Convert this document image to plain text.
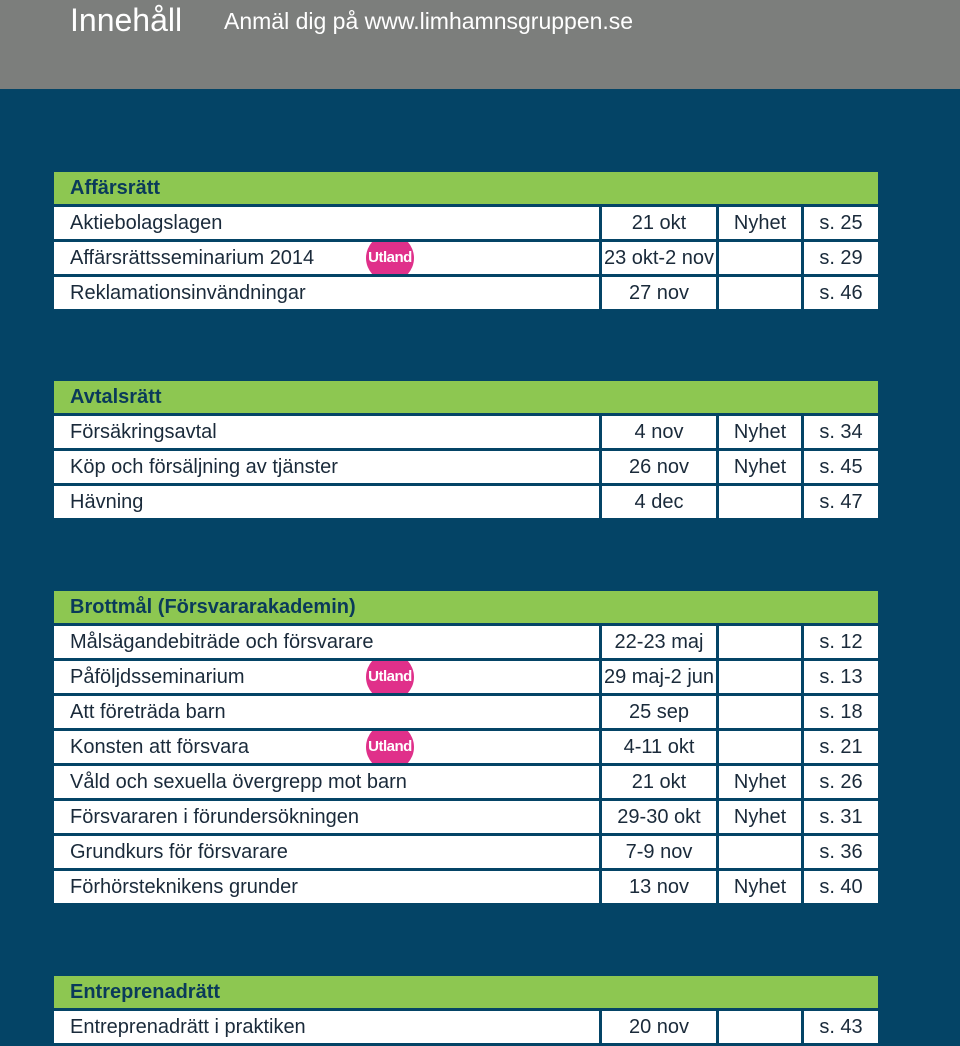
Innehåll Anmäl dig på www.limhamnsgruppen.se
Affärsrätt
Aktiebolagslagen	21 okt	Nyhet	s. 25
Affärsrättsseminarium 2014	Utland	23 okt-2 nov	s. 29
Reklamationsinvändningar	27 nov	s. 46
Avtalsrätt
Försäkringsavtal	4 nov	Nyhet	s. 34
Köp och försäljning av tjänster	26 nov	Nyhet	s. 45
Hävning	4 dec	s. 47
Brottmål (Försvararakademin)
Målsägandebiträde och försvarare	22-23 maj	s. 12
Påföljdsseminarium	Utland	29 maj-2 jun	s. 13
Att företräda barn	25 sep	s. 18
Konsten att försvara	Utland	4-11 okt	s. 21
Våld och sexuella övergrepp mot barn	21 okt	Nyhet	s. 26
Försvararen i förundersökningen	29-30 okt	Nyhet	s. 31
Grundkurs för försvarare	7-9 nov	s. 36
Förhörsteknikens grunder	13 nov	Nyhet	s. 40
Entreprenadrätt
Entreprenadrätt i praktiken	20 nov	s. 43
